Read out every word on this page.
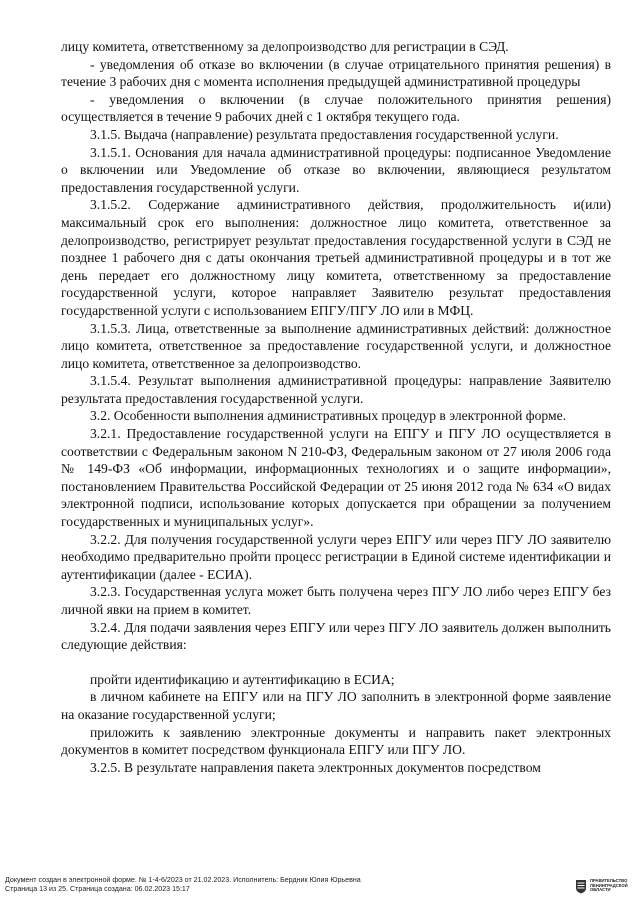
лицу комитета, ответственному за делопроизводство для регистрации в СЭД.

- уведомления об отказе во включении (в случае отрицательного принятия решения) в течение 3 рабочих дня с момента исполнения предыдущей административной процедуры

- уведомления о включении (в случае положительного принятия решения) осуществляется в течение 9 рабочих дней с 1 октября текущего года.

3.1.5. Выдача (направление) результата предоставления государственной услуги.

3.1.5.1. Основания для начала административной процедуры: подписанное Уведомление о включении или Уведомление об отказе во включении, являющиеся результатом предоставления государственной услуги.

3.1.5.2. Содержание административного действия, продолжительность и(или) максимальный срок его выполнения: должностное лицо комитета, ответственное за делопроизводство, регистрирует результат предоставления государственной услуги в СЭД не позднее 1 рабочего дня с даты окончания третьей административной процедуры и в тот же день передает его должностному лицу комитета, ответственному за предоставление государственной услуги, которое направляет Заявителю результат предоставления государственной услуги с использованием ЕПГУ/ПГУ ЛО или в МФЦ.

3.1.5.3. Лица, ответственные за выполнение административных действий: должностное лицо комитета, ответственное за предоставление государственной услуги, и должностное лицо комитета, ответственное за делопроизводство.

3.1.5.4. Результат выполнения административной процедуры: направление Заявителю результата предоставления государственной услуги.

3.2. Особенности выполнения административных процедур в электронной форме.

3.2.1. Предоставление государственной услуги на ЕПГУ и ПГУ ЛО осуществляется в соответствии с Федеральным законом N 210-ФЗ, Федеральным законом от 27 июля 2006 года № 149-ФЗ «Об информации, информационных технологиях и о защите информации», постановлением Правительства Российской Федерации от 25 июня 2012 года № 634 «О видах электронной подписи, использование которых допускается при обращении за получением государственных и муниципальных услуг».

3.2.2. Для получения государственной услуги через ЕПГУ или через ПГУ ЛО заявителю необходимо предварительно пройти процесс регистрации в Единой системе идентификации и аутентификации (далее - ЕСИА).

3.2.3. Государственная услуга может быть получена через ПГУ ЛО либо через ЕПГУ без личной явки на прием в комитет.

3.2.4. Для подачи заявления через ЕПГУ или через ПГУ ЛО заявитель должен выполнить следующие действия:

пройти идентификацию и аутентификацию в ЕСИА;

в личном кабинете на ЕПГУ или на ПГУ ЛО заполнить в электронной форме заявление на оказание государственной услуги;

приложить к заявлению электронные документы и направить пакет электронных документов в комитет посредством функционала ЕПГУ или ПГУ ЛО.

3.2.5. В результате направления пакета электронных документов посредством

Документ создан в электронной форме. № 1-4-6/2023 от 21.02.2023. Исполнитель: Бердник Юлия Юрьевна
Страница 13 из 25. Страница создана: 06.02.2023 15:17
ПРАВИТЕЛЬСТВО
ЛЕНИНГРАДСКОЙ
ОБЛАСТИ
